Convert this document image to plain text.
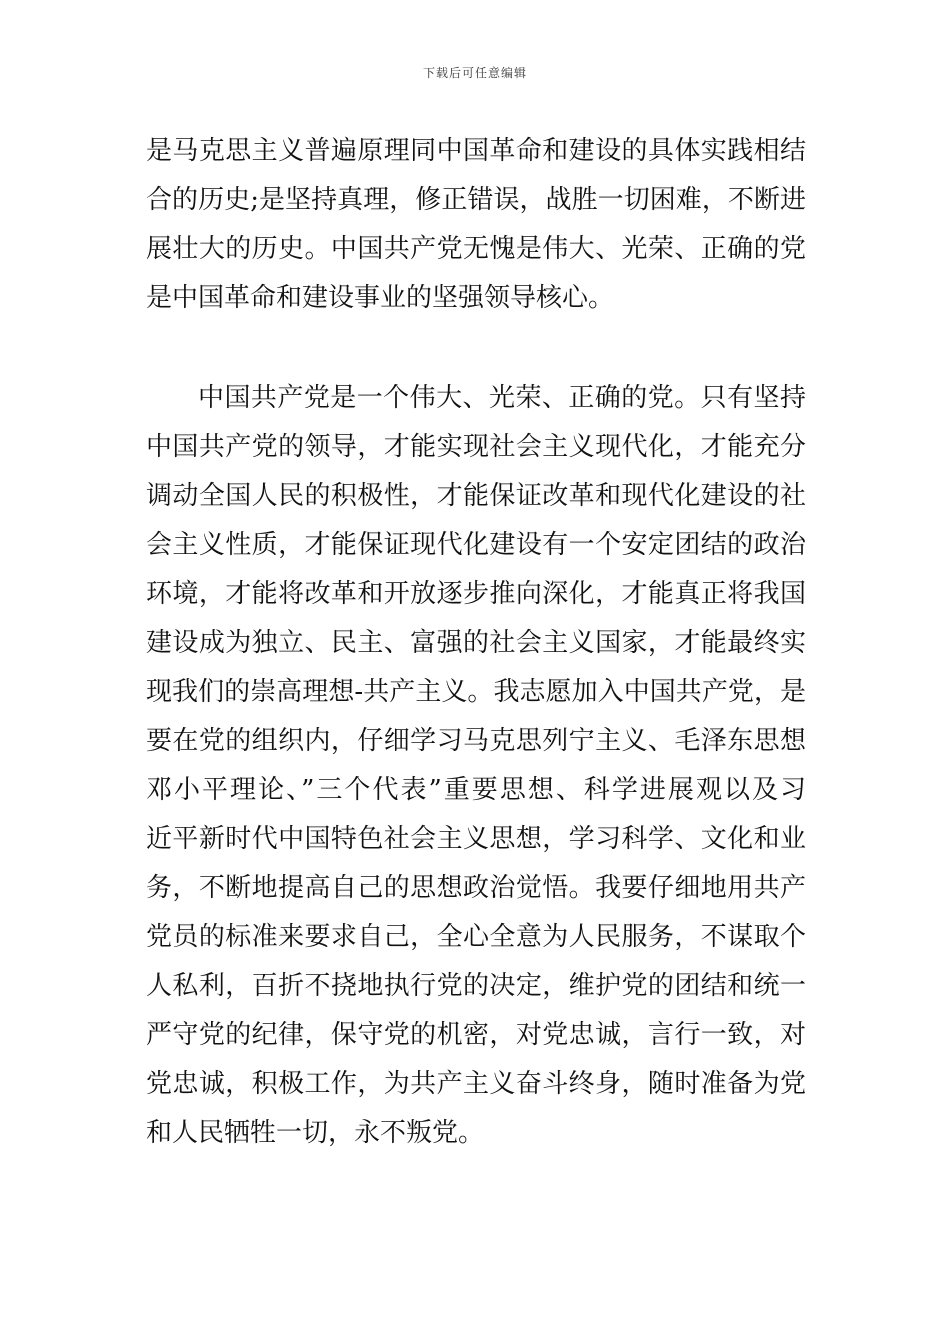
下载后可任意编辑
是马克思主义普遍原理同中国革命和建设的具体实践相结
合的历史;是坚持真理，修正错误，战胜一切困难，不断进
展壮大的历史。中国共产党无愧是伟大、光荣、正确的党
是中国革命和建设事业的坚强领导核心。
中国共产党是一个伟大、光荣、正确的党。只有坚持
中国共产党的领导，才能实现社会主义现代化，才能充分
调动全国人民的积极性，才能保证改革和现代化建设的社
会主义性质，才能保证现代化建设有一个安定团结的政治
环境，才能将改革和开放逐步推向深化，才能真正将我国
建设成为独立、民主、富强的社会主义国家，才能最终实
现我们的崇高理想-共产主义。我志愿加入中国共产党，是
要在党的组织内，仔细学习马克思列宁主义、毛泽东思想
邓小平理论、”三个代表”重要思想、科学进展观以及习
近平新时代中国特色社会主义思想，学习科学、文化和业
务，不断地提高自己的思想政治觉悟。我要仔细地用共产
党员的标准来要求自己，全心全意为人民服务，不谋取个
人私利，百折不挠地执行党的决定，维护党的团结和统一
严守党的纪律，保守党的机密，对党忠诚，言行一致，对
党忠诚，积极工作，为共产主义奋斗终身，随时准备为党
和人民牺牲一切，永不叛党。
